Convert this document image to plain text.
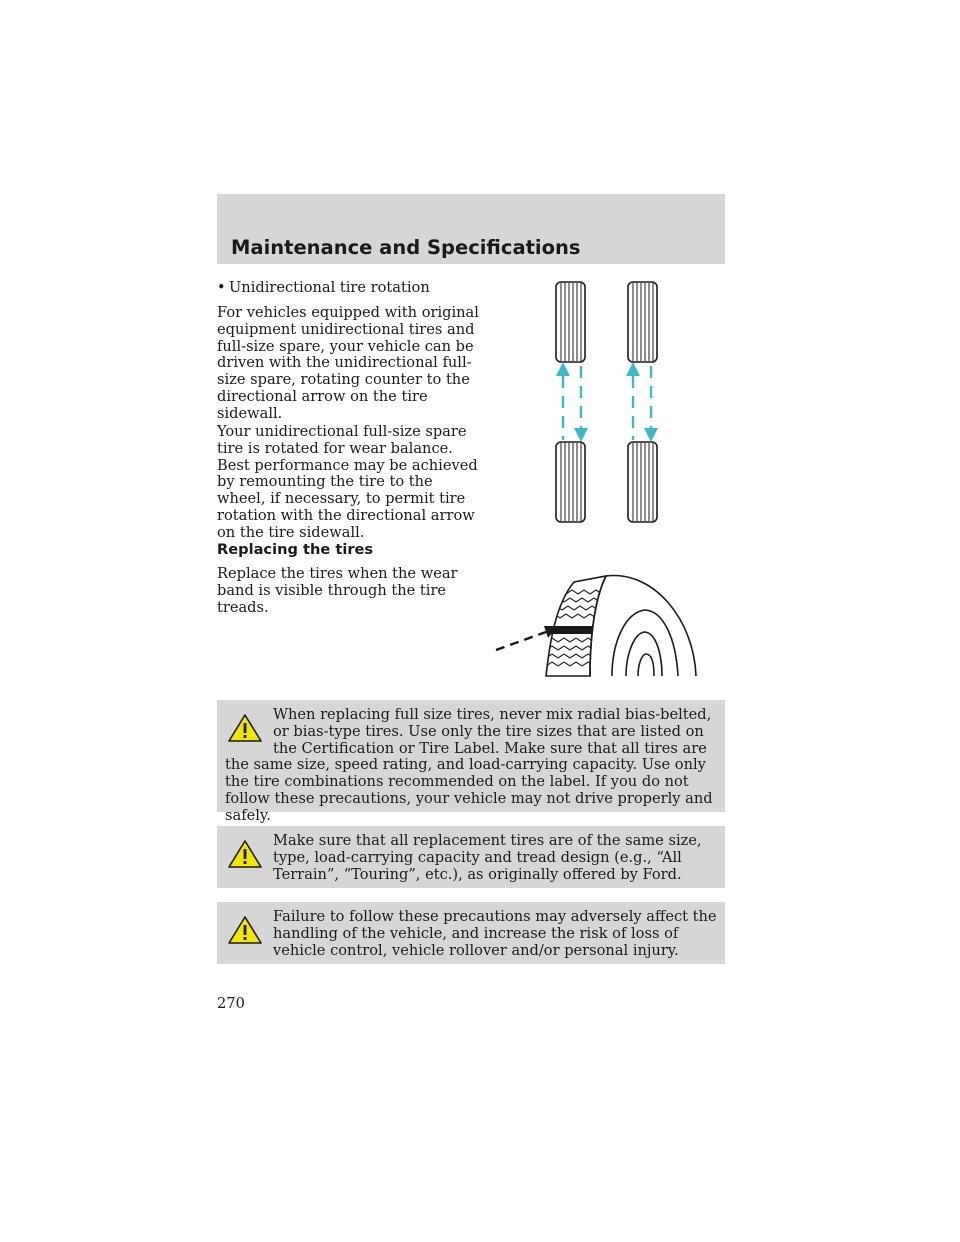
Maintenance and Specifications
• Unidirectional tire rotation

For vehicles equipped with original equipment unidirectional tires and full-size spare, your vehicle can be driven with the unidirectional full-size spare, rotating counter to the directional arrow on the tire sidewall.

Your unidirectional full-size spare tire is rotated for wear balance. Best performance may be achieved by remounting the tire to the wheel, if necessary, to permit tire rotation with the directional arrow on the tire sidewall.

Replacing the tires

Replace the tires when the wear band is visible through the tire treads.

When replacing full size tires, never mix radial bias-belted, or bias-type tires. Use only the tire sizes that are listed on the Certification or Tire Label. Make sure that all tires are the same size, speed rating, and load-carrying capacity. Use only the tire combinations recommended on the label. If you do not follow these precautions, your vehicle may not drive properly and safely.

Make sure that all replacement tires are of the same size, type, load-carrying capacity and tread design (e.g., “All Terrain”, “Touring”, etc.), as originally offered by Ford.

Failure to follow these precautions may adversely affect the handling of the vehicle, and increase the risk of loss of vehicle control, vehicle rollover and/or personal injury.

270
